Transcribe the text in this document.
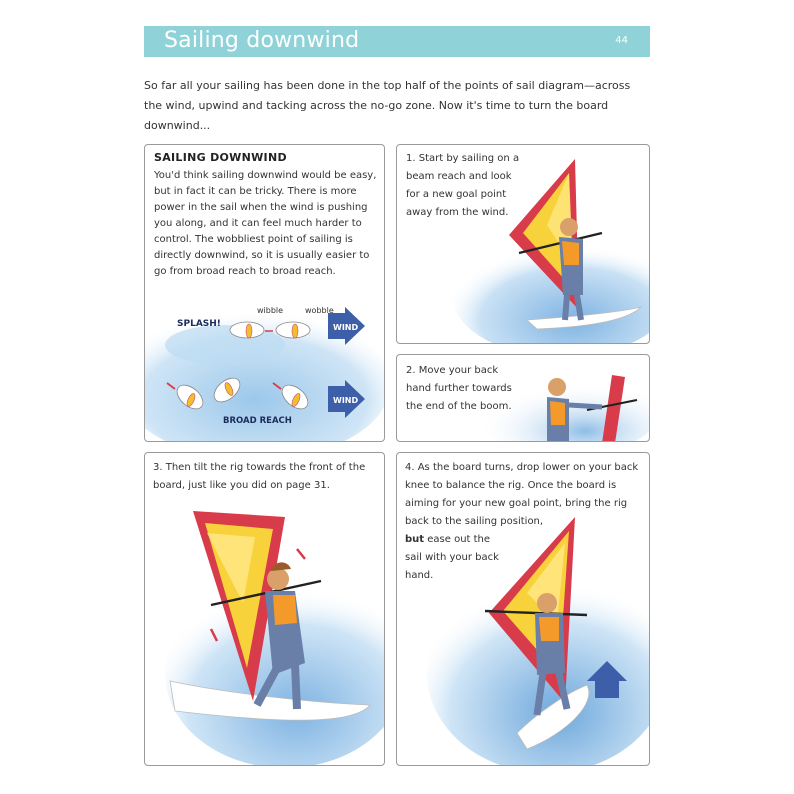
Sailing downwind	44

So far all your sailing has been done in the top half of the points of sail diagram—across the wind, upwind and tacking across the no-go zone. Now it's time to turn the board downwind...

SAILING DOWNWIND
You'd think sailing downwind would be easy, but in fact it can be tricky. There is more power in the sail when the wind is pushing you along, and it can feel much harder to control. The wobbliest point of sailing is directly downwind, so it is usually easier to go from broad reach to broad reach.
SPLASH!
wibble	wobble
WIND
BROAD REACH
WIND
1. Start by sailing on a beam reach and look for a new goal point away from the wind.
2. Move your back hand further towards the end of the boom.
3. Then tilt the rig towards the front of the board, just like you did on page 31.
4. As the board turns, drop lower on your back knee to balance the rig. Once the board is aiming for your new goal point, bring the rig back to the sailing position,
but ease out the sail with your back hand.
